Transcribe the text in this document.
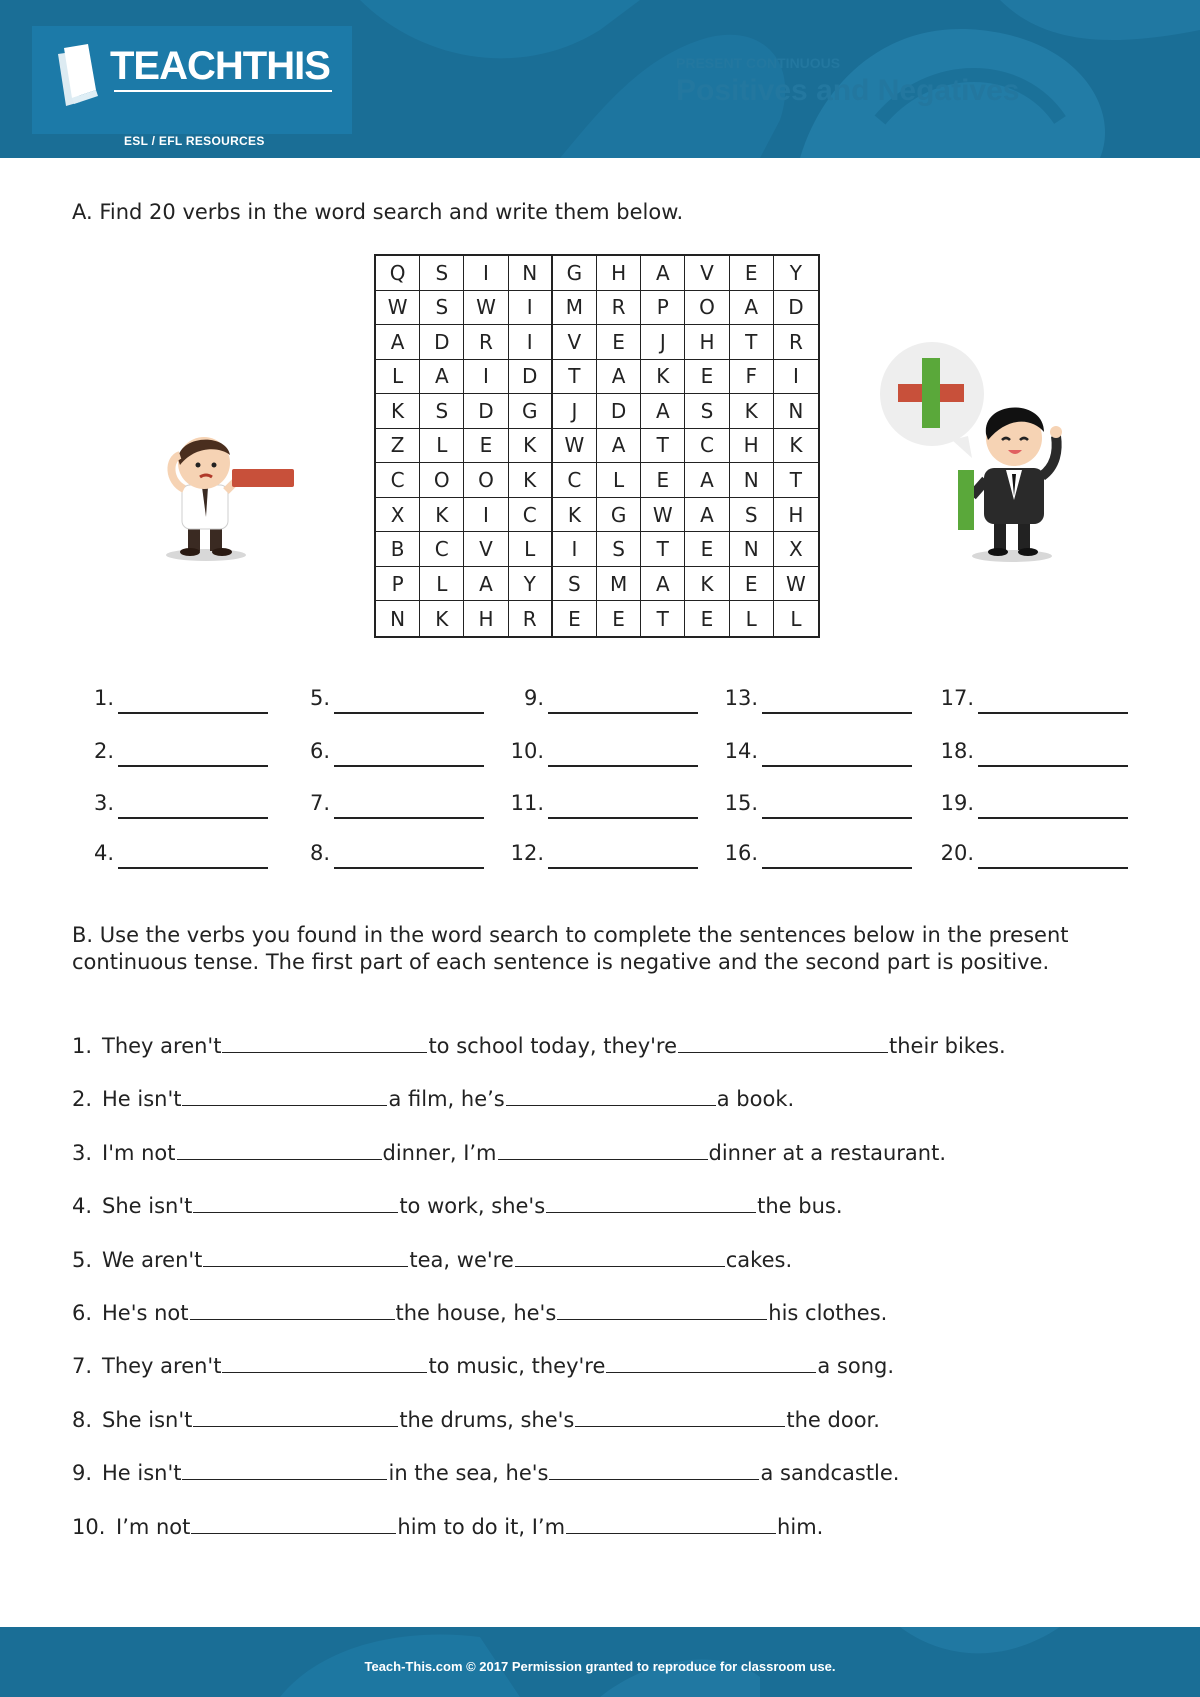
TEACHTHIS
ESL / EFL RESOURCES
PRESENT CONTINUOUS
Positives and Negatives
A. Find 20 verbs in the word search and write them below.
Q	S	I	N	G	H	A	V	E	Y
W	S	W	I	M	R	P	O	A	D
A	D	R	I	V	E	J	H	T	R
L	A	I	D	T	A	K	E	F	I
K	S	D	G	J	D	A	S	K	N
Z	L	E	K	W	A	T	C	H	K
C	O	O	K	C	L	E	A	N	T
X	K	I	C	K	G	W	A	S	H
B	C	V	L	I	S	T	E	N	X
P	L	A	Y	S	M	A	K	E	W
N	K	H	R	E	E	T	E	L	L
1.
2.
3.
4.
5.
6.
7.
8.
9.
10.
11.
12.
13.
14.
15.
16.
17.
18.
19.
20.
B. Use the verbs you found in the word search to complete the sentences below in the present continuous tense. The first part of each sentence is negative and the second part is positive.
1. They aren't	to school today, they're	their bikes.
2. He isn't	a film, he’s	a book.
3. I'm not	dinner, I’m	dinner at a restaurant.
4. She isn't	to work, she's	the bus.
5. We aren't	tea, we're	cakes.
6. He's not	the house, he's	his clothes.
7. They aren't	to music, they're	a song.
8. She isn't	the drums, she's	the door.
9. He isn't	in the sea, he's	a sandcastle.
10. I’m not	him to do it, I’m	him.
Teach-This.com © 2017 Permission granted to reproduce for classroom use.
